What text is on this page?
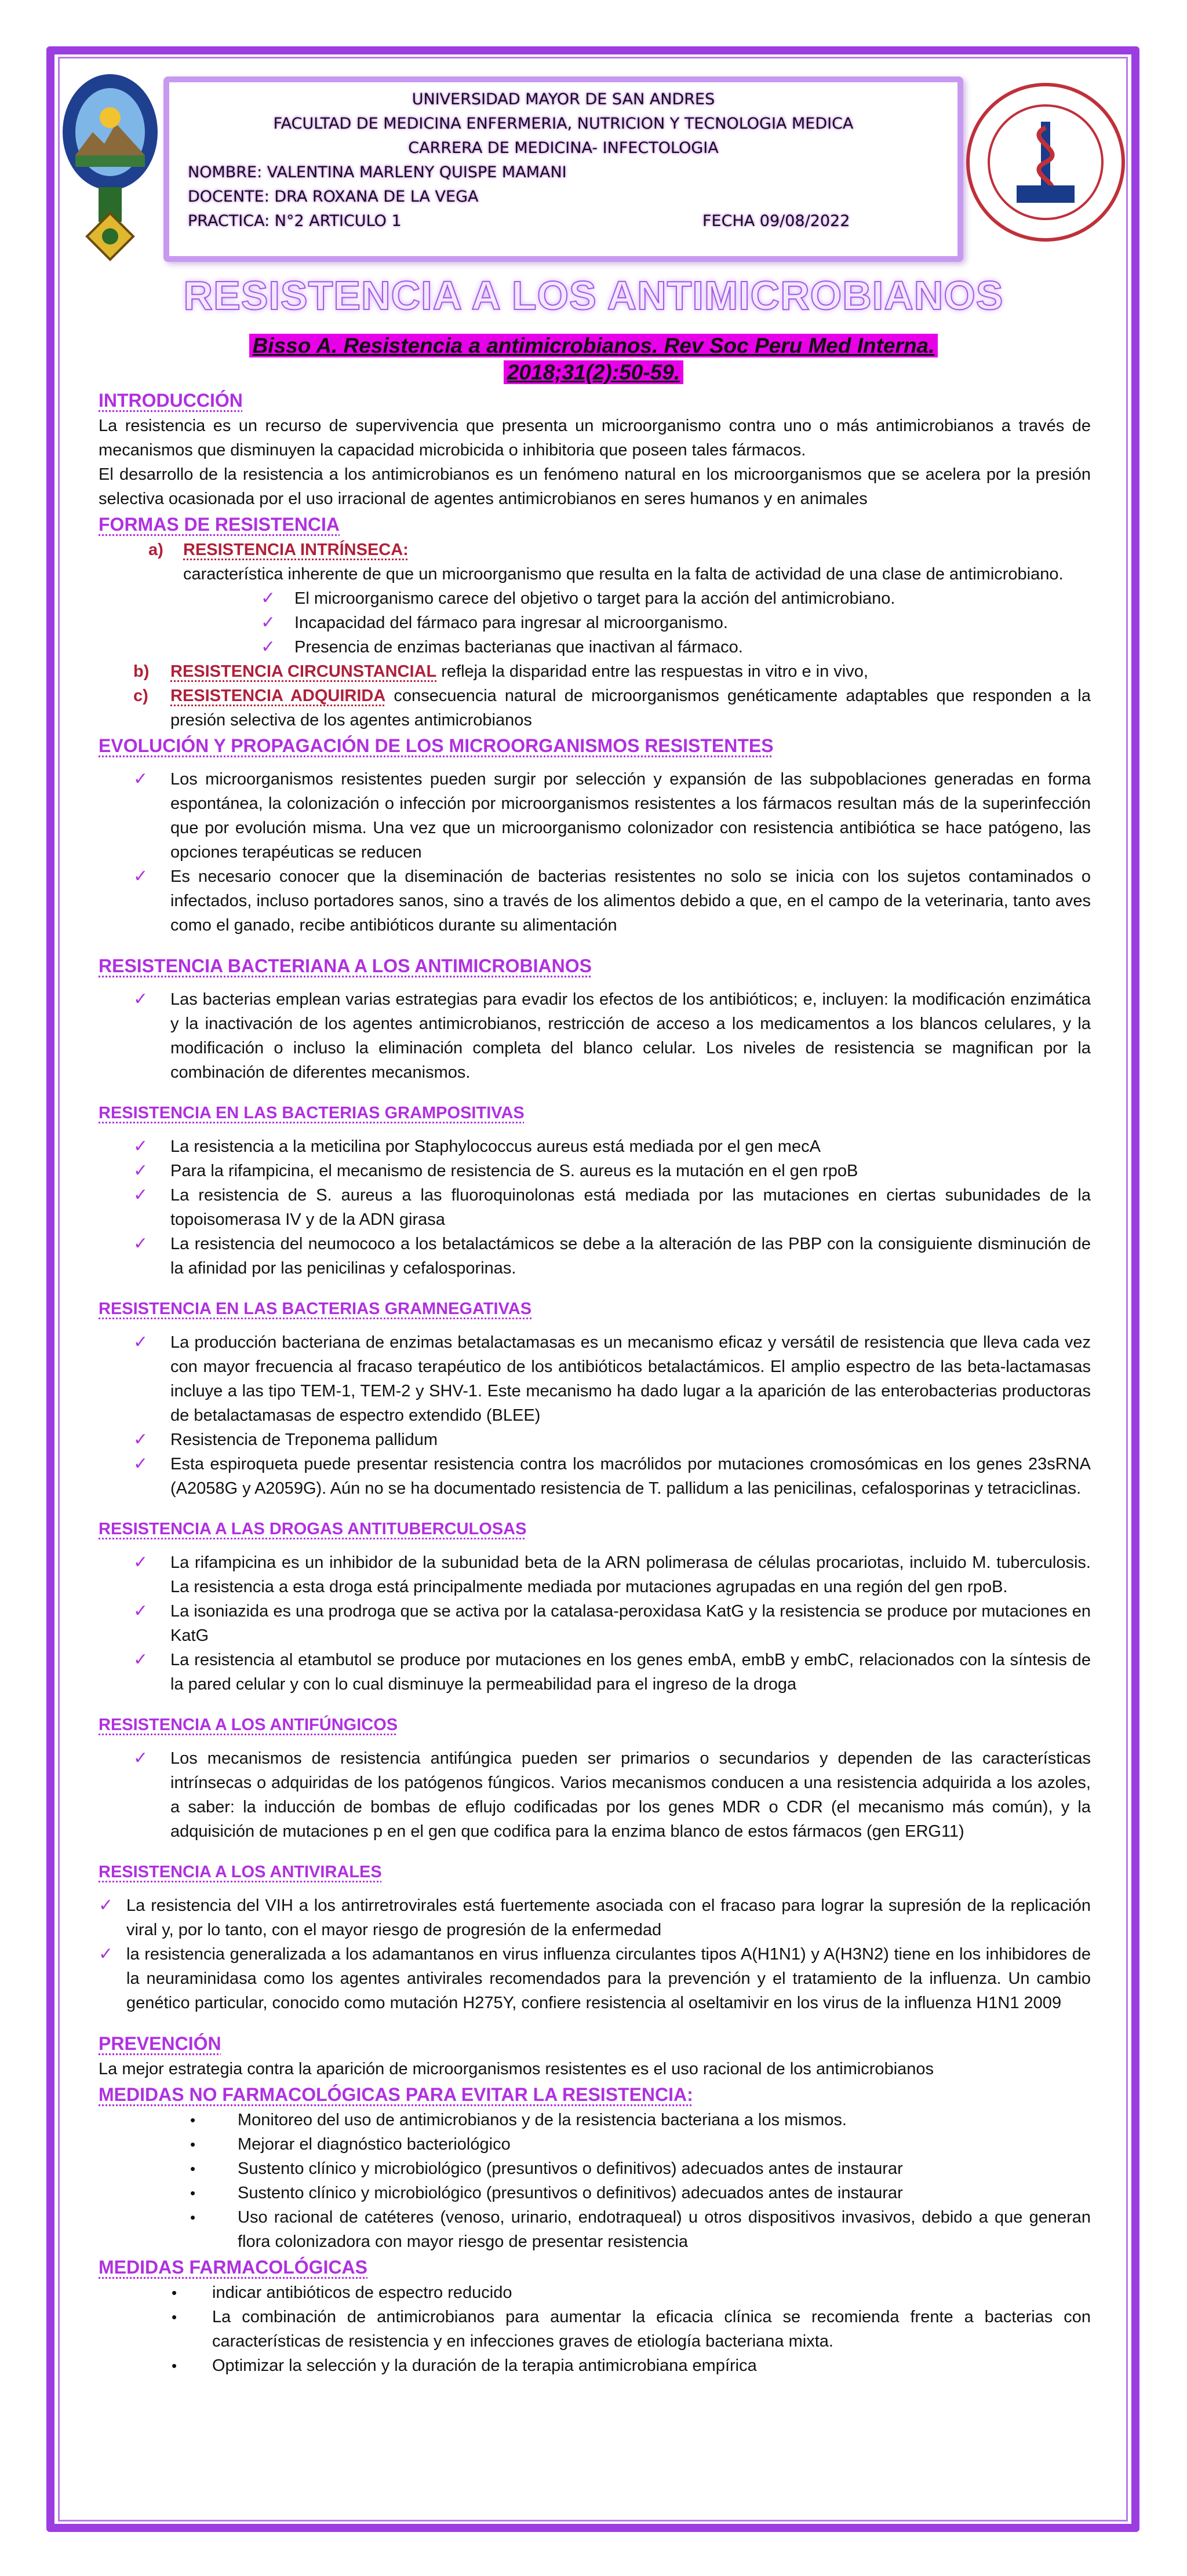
UNIVERSIDAD MAYOR DE SAN ANDRES
FACULTAD DE MEDICINA ENFERMERIA, NUTRICION Y TECNOLOGIA MEDICA
CARRERA DE MEDICINA- INFECTOLOGIA
NOMBRE: VALENTINA MARLENY QUISPE MAMANI
DOCENTE: DRA ROXANA DE LA VEGA
PRACTICA: N°2 ARTICULO 1	FECHA 09/08/2022
RESISTENCIA A LOS ANTIMICROBIANOS
Bisso A. Resistencia a antimicrobianos. Rev Soc Peru Med Interna.
2018;31(2):50-59.
INTRODUCCIÓN

La resistencia es un recurso de supervivencia que presenta un microorganismo contra uno o más antimicrobianos a través de mecanismos que disminuyen la capacidad microbicida o inhibitoria que poseen tales fármacos.

El desarrollo de la resistencia a los antimicrobianos es un fenómeno natural en los microorganismos que se acelera por la presión selectiva ocasionada por el uso irracional de agentes antimicrobianos en seres humanos y en animales

FORMAS DE RESISTENCIA
a) RESISTENCIA INTRÍNSECA:

característica inherente de que un microorganismo que resulta en la falta de actividad de una clase de antimicrobiano.

✓ El microorganismo carece del objetivo o target para la acción del antimicrobiano.
✓ Incapacidad del fármaco para ingresar al microorganismo.
✓ Presencia de enzimas bacterianas que inactivan al fármaco.

b) RESISTENCIA CIRCUNSTANCIAL refleja la disparidad entre las respuestas in vitro e in vivo,

c) RESISTENCIA ADQUIRIDA consecuencia natural de microorganismos genéticamente adaptables que responden a la presión selectiva de los agentes antimicrobianos

EVOLUCIÓN Y PROPAGACIÓN DE LOS MICROORGANISMOS RESISTENTES
✓ Los microorganismos resistentes pueden surgir por selección y expansión de las subpoblaciones generadas en forma espontánea, la colonización o infección por microorganismos resistentes a los fármacos resultan más de la superinfección que por evolución misma. Una vez que un microorganismo colonizador con resistencia antibiótica se hace patógeno, las opciones terapéuticas se reducen
✓ Es necesario conocer que la diseminación de bacterias resistentes no solo se inicia con los sujetos contaminados o infectados, incluso portadores sanos, sino a través de los alimentos debido a que, en el campo de la veterinaria, tanto aves como el ganado, recibe antibióticos durante su alimentación
RESISTENCIA BACTERIANA A LOS ANTIMICROBIANOS
✓ Las bacterias emplean varias estrategias para evadir los efectos de los antibióticos; e, incluyen: la modificación enzimática y la inactivación de los agentes antimicrobianos, restricción de acceso a los medicamentos a los blancos celulares, y la modificación o incluso la eliminación completa del blanco celular. Los niveles de resistencia se magnifican por la combinación de diferentes mecanismos.
RESISTENCIA EN LAS BACTERIAS GRAMPOSITIVAS
✓ La resistencia a la meticilina por Staphylococcus aureus está mediada por el gen mecA
✓ Para la rifampicina, el mecanismo de resistencia de S. aureus es la mutación en el gen rpoB
✓ La resistencia de S. aureus a las fluoroquinolonas está mediada por las mutaciones en ciertas subunidades de la topoisomerasa IV y de la ADN girasa
✓ La resistencia del neumococo a los betalactámicos se debe a la alteración de las PBP con la consiguiente disminución de la afinidad por las penicilinas y cefalosporinas.
RESISTENCIA EN LAS BACTERIAS GRAMNEGATIVAS
✓ La producción bacteriana de enzimas betalactamasas es un mecanismo eficaz y versátil de resistencia que lleva cada vez con mayor frecuencia al fracaso terapéutico de los antibióticos betalactámicos. El amplio espectro de las beta-lactamasas incluye a las tipo TEM-1, TEM-2 y SHV-1. Este mecanismo ha dado lugar a la aparición de las enterobacterias productoras de betalactamasas de espectro extendido (BLEE)
✓ Resistencia de Treponema pallidum
✓ Esta espiroqueta puede presentar resistencia contra los macrólidos por mutaciones cromosómicas en los genes 23sRNA (A2058G y A2059G). Aún no se ha documentado resistencia de T. pallidum a las penicilinas, cefalosporinas y tetraciclinas.
RESISTENCIA A LAS DROGAS ANTITUBERCULOSAS
✓ La rifampicina es un inhibidor de la subunidad beta de la ARN polimerasa de células procariotas, incluido M. tuberculosis. La resistencia a esta droga está principalmente mediada por mutaciones agrupadas en una región del gen rpoB.
✓ La isoniazida es una prodroga que se activa por la catalasa-peroxidasa KatG y la resistencia se produce por mutaciones en KatG
✓ La resistencia al etambutol se produce por mutaciones en los genes embA, embB y embC, relacionados con la síntesis de la pared celular y con lo cual disminuye la permeabilidad para el ingreso de la droga
RESISTENCIA A LOS ANTIFÚNGICOS
✓ Los mecanismos de resistencia antifúngica pueden ser primarios o secundarios y dependen de las características intrínsecas o adquiridas de los patógenos fúngicos. Varios mecanismos conducen a una resistencia adquirida a los azoles, a saber: la inducción de bombas de eflujo codificadas por los genes MDR o CDR (el mecanismo más común), y la adquisición de mutaciones p en el gen que codifica para la enzima blanco de estos fármacos (gen ERG11)
RESISTENCIA A LOS ANTIVIRALES
✓ La resistencia del VIH a los antirretrovirales está fuertemente asociada con el fracaso para lograr la supresión de la replicación viral y, por lo tanto, con el mayor riesgo de progresión de la enfermedad
✓ la resistencia generalizada a los adamantanos en virus influenza circulantes tipos A(H1N1) y A(H3N2) tiene en los inhibidores de la neuraminidasa como los agentes antivirales recomendados para la prevención y el tratamiento de la influenza. Un cambio genético particular, conocido como mutación H275Y, confiere resistencia al oseltamivir en los virus de la influenza H1N1 2009
PREVENCIÓN

La mejor estrategia contra la aparición de microorganismos resistentes es el uso racional de los antimicrobianos

MEDIDAS NO FARMACOLÓGICAS PARA EVITAR LA RESISTENCIA:
•	Monitoreo del uso de antimicrobianos y de la resistencia bacteriana a los mismos.
•	Mejorar el diagnóstico bacteriológico
•	Sustento clínico y microbiológico (presuntivos o definitivos) adecuados antes de instaurar
•	Sustento clínico y microbiológico (presuntivos o definitivos) adecuados antes de instaurar
•	Uso racional de catéteres (venoso, urinario, endotraqueal) u otros dispositivos invasivos, debido a que generan flora colonizadora con mayor riesgo de presentar resistencia
MEDIDAS FARMACOLÓGICAS
• indicar antibióticos de espectro reducido
• La combinación de antimicrobianos para aumentar la eficacia clínica se recomienda frente a bacterias con características de resistencia y en infecciones graves de etiología bacteriana mixta.
• Optimizar la selección y la duración de la terapia antimicrobiana empírica
